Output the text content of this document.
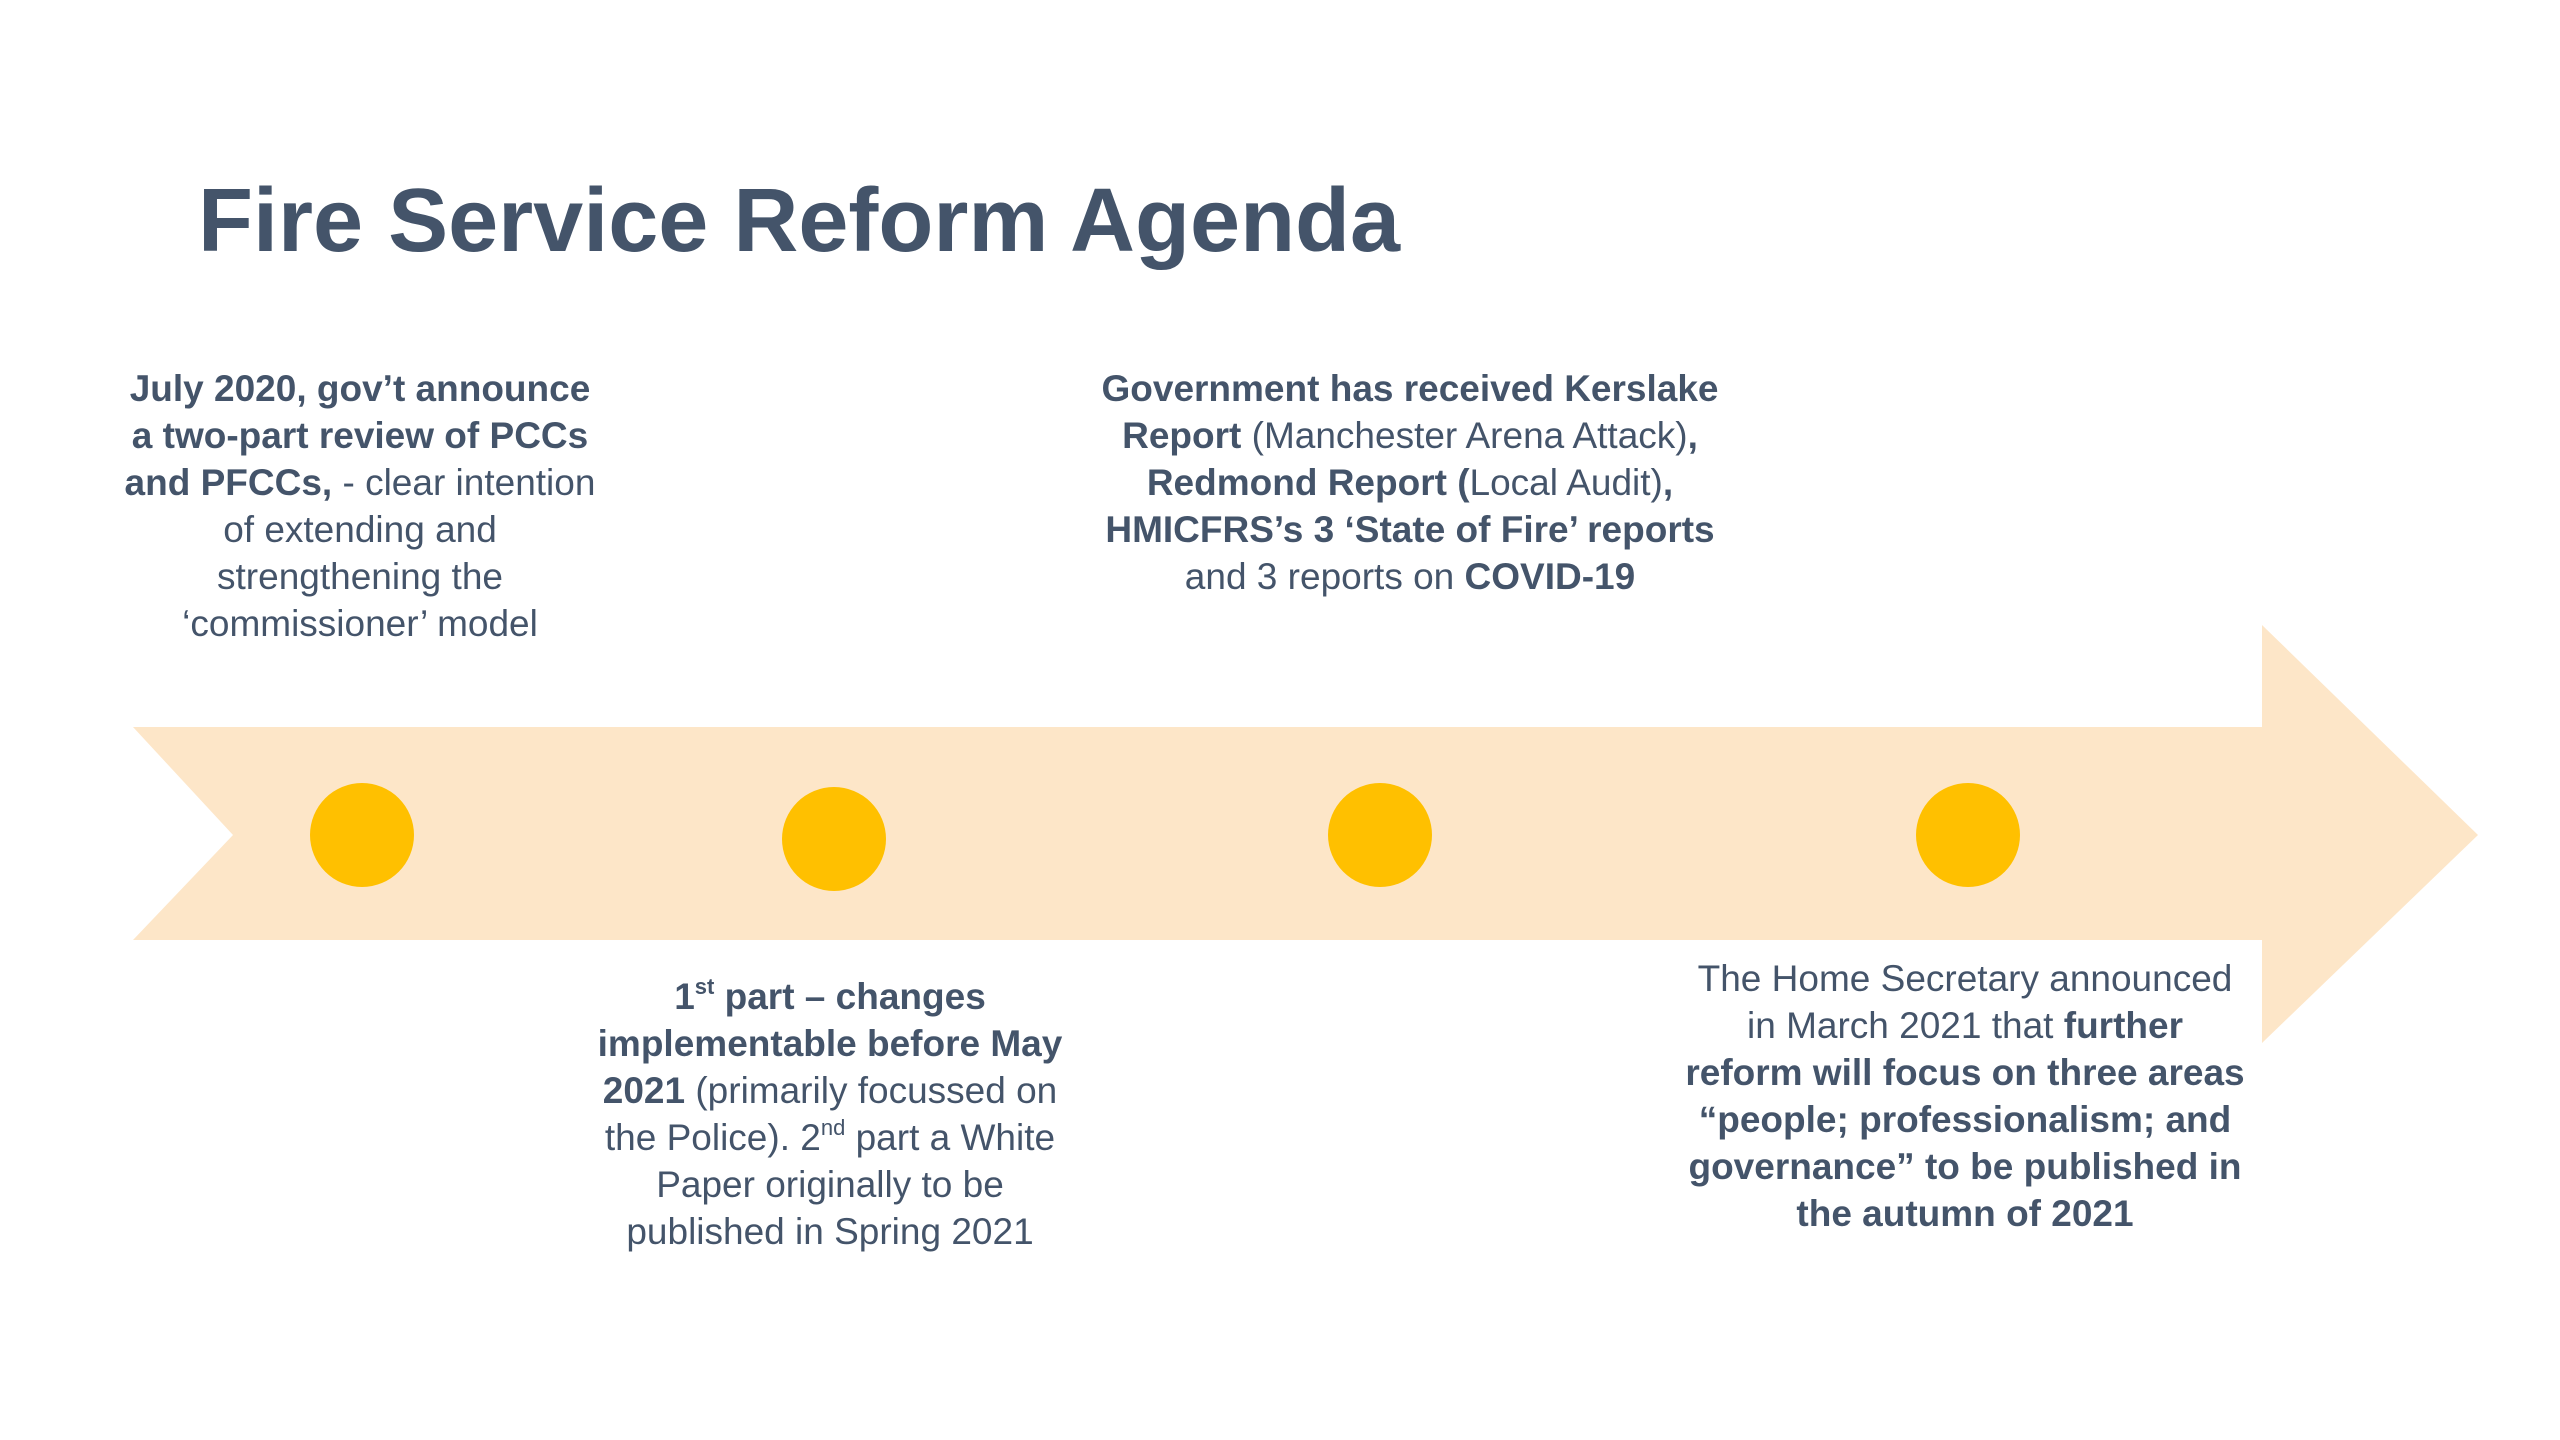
Fire Service Reform Agenda
July 2020, gov’t announce a two-part review of PCCs and PFCCs, - clear intention of extending and strengthening the ‘commissioner’ model
1st part – changes implementable before May 2021 (primarily focussed on the Police). 2nd part a White Paper originally to be published in Spring 2021
Government has received Kerslake Report (Manchester Arena Attack), Redmond Report (Local Audit), HMICFRS’s 3 ‘State of Fire’ reports and 3 reports on COVID-19
The Home Secretary announced in March 2021 that further reform will focus on three areas “people; professionalism; and governance” to be published in the autumn of 2021
